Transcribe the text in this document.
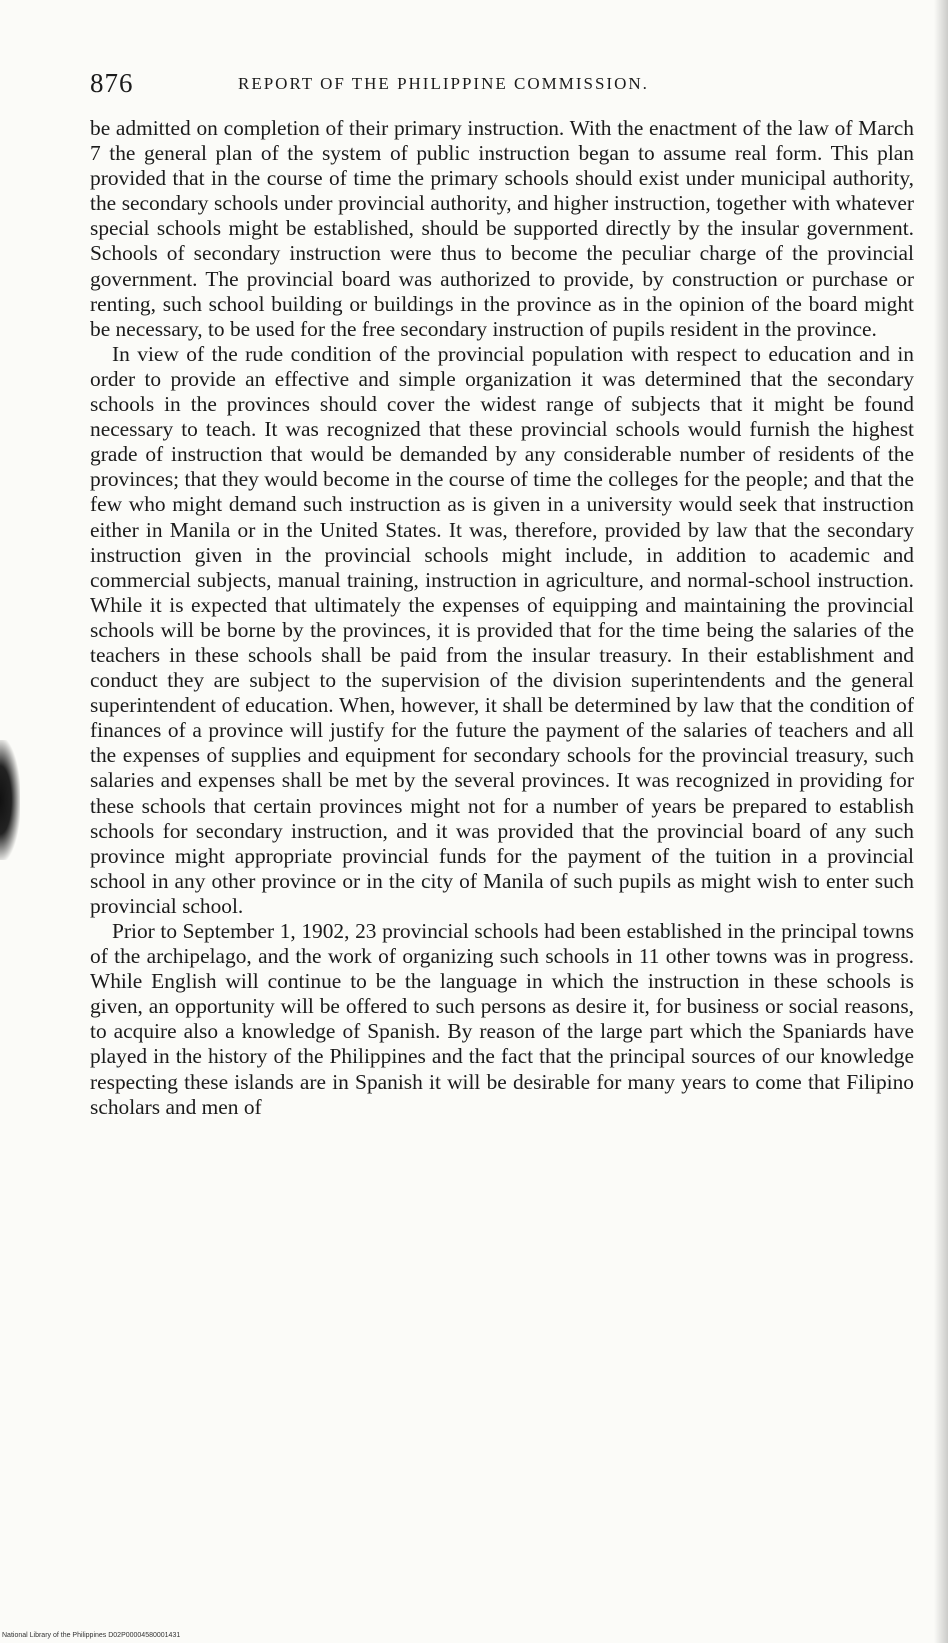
876	REPORT OF THE PHILIPPINE COMMISSION.

be admitted on completion of their primary instruction. With the enactment of the law of March 7 the general plan of the system of public instruction began to assume real form. This plan provided that in the course of time the primary schools should exist under municipal authority, the secondary schools under provincial authority, and higher instruction, together with whatever special schools might be established, should be supported directly by the insular government. Schools of secondary instruction were thus to become the peculiar charge of the provincial government. The provincial board was authorized to provide, by construction or purchase or renting, such school building or buildings in the province as in the opinion of the board might be necessary, to be used for the free secondary instruction of pupils resident in the province.

In view of the rude condition of the provincial population with respect to education and in order to provide an effective and simple organization it was determined that the secondary schools in the provinces should cover the widest range of subjects that it might be found necessary to teach. It was recognized that these provincial schools would furnish the highest grade of instruction that would be demanded by any considerable number of residents of the provinces; that they would become in the course of time the colleges for the people; and that the few who might demand such instruction as is given in a university would seek that instruction either in Manila or in the United States. It was, therefore, provided by law that the secondary instruction given in the provincial schools might include, in addition to academic and commercial subjects, manual training, instruction in agriculture, and normal-school instruction. While it is expected that ultimately the expenses of equipping and maintaining the provincial schools will be borne by the provinces, it is provided that for the time being the salaries of the teachers in these schools shall be paid from the insular treasury. In their establishment and conduct they are subject to the supervision of the division superintendents and the general superintendent of education. When, however, it shall be determined by law that the condition of finances of a province will justify for the future the payment of the salaries of teachers and all the expenses of supplies and equipment for secondary schools for the provincial treasury, such salaries and expenses shall be met by the several provinces. It was recognized in providing for these schools that certain provinces might not for a number of years be prepared to establish schools for secondary instruction, and it was provided that the provincial board of any such province might appropriate provincial funds for the payment of the tuition in a provincial school in any other province or in the city of Manila of such pupils as might wish to enter such provincial school.

Prior to September 1, 1902, 23 provincial schools had been established in the principal towns of the archipelago, and the work of organizing such schools in 11 other towns was in progress. While English will continue to be the language in which the instruction in these schools is given, an opportunity will be offered to such persons as desire it, for business or social reasons, to acquire also a knowledge of Spanish. By reason of the large part which the Spaniards have played in the history of the Philippines and the fact that the principal sources of our knowledge respecting these islands are in Spanish it will be desirable for many years to come that Filipino scholars and men of

National Library of the Philippines D02P00004580001431
